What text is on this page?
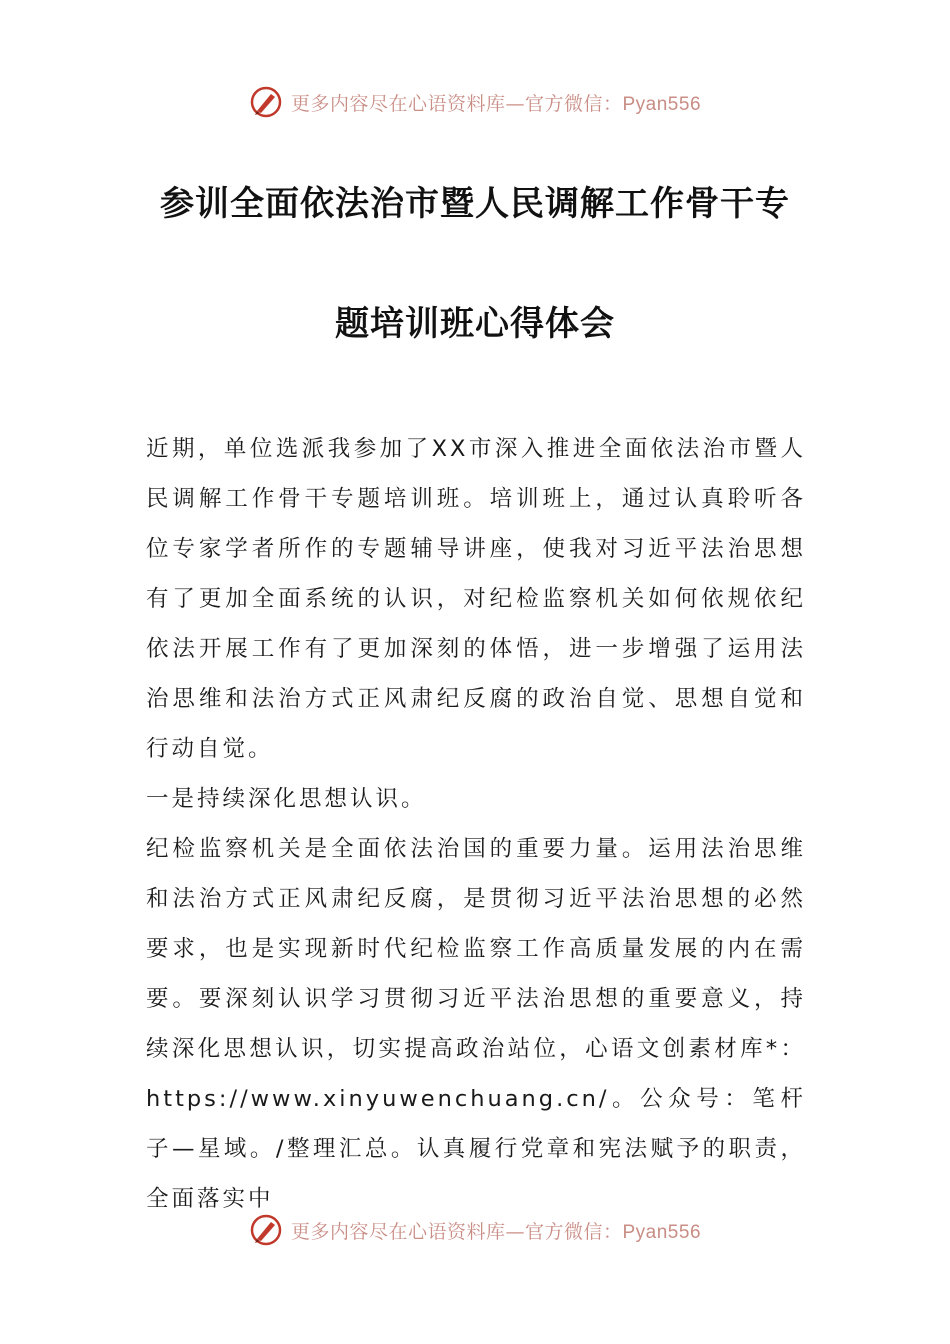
更多内容尽在心语资料库—官方微信：Pyan556
参训全面依法治市暨人民调解工作骨干专
题培训班心得体会

近期，单位选派我参加了XX市深入推进全面依法治市暨人民调解工作骨干专题培训班。培训班上，通过认真聆听各位专家学者所作的专题辅导讲座，使我对习近平法治思想有了更加全面系统的认识，对纪检监察机关如何依规依纪依法开展工作有了更加深刻的体悟，进一步增强了运用法治思维和法治方式正风肃纪反腐的政治自觉、思想自觉和行动自觉。

一是持续深化思想认识。

纪检监察机关是全面依法治国的重要力量。运用法治思维和法治方式正风肃纪反腐，是贯彻习近平法治思想的必然要求，也是实现新时代纪检监察工作高质量发展的内在需要。要深刻认识学习贯彻习近平法治思想的重要意义，持续深化思想认识，切实提高政治站位，心语文创素材库*：https://www.xinyuwenchuang.cn/。公众号：笔杆子—星域。/整理汇总。认真履行党章和宪法赋予的职责，全面落实中

更多内容尽在心语资料库—官方微信：Pyan556
